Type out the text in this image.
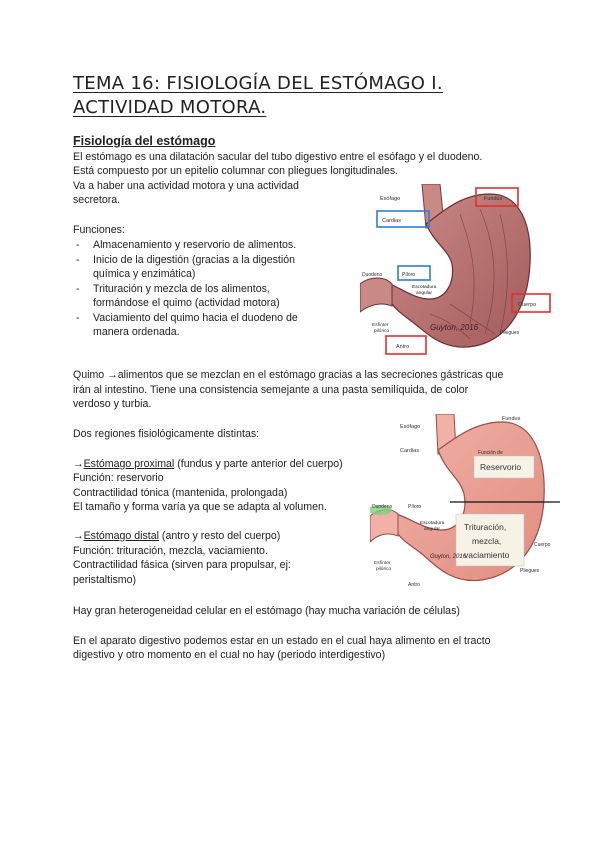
TEMA 16: FISIOLOGÍA DEL ESTÓMAGO I. ACTIVIDAD MOTORA.
Fisiología del estómago
El estómago es una dilatación sacular del tubo digestivo entre el esófago y el duodeno.
Está compuesto por un epitelio columnar con pliegues longitudinales.
Va a haber una actividad motora y una actividad
secretora.
Funciones:
- Almacenamiento y reservorio de alimentos.
- Inicio de la digestión (gracias a la digestión química y enzimática)
- Trituración y mezcla de los alimentos, formándose el quimo (actividad motora)
- Vaciamiento del quimo hacia el duodeno de manera ordenada.
Esófago
Cardias
Fundus
Duodeno	Píloro
Escotadura
angular
Esfínter
pilórico
Cuerpo
Antro
Pliegues
Guyton, 2016
Quimo →alimentos que se mezclan en el estómago gracias a las secreciones gástricas que
irán al intestino. Tiene una consistencia semejante a una pasta semilíquida, de color
verdoso y turbia.
Dos regiones fisiológicamente distintas:
→Estómago proximal (fundus y parte anterior del cuerpo)
Función: reservorio
Contractilidad tónica (mantenida, prolongada)
El tamaño y forma varía ya que se adapta al volumen.
→Estómago distal (antro y resto del cuerpo)
Función: trituración, mezcla, vaciamiento.
Contractilidad fásica (sirven para propulsar, ej:
peristaltismo)
Reservorio
Función de
Trituración,
mezcla,
vaciamiento
Esófago
Cardias
Fundus
Duodeno	Píloro
Escotadura
angular
Esfínter
pilórico
Antro
Cuerpo
Pliegues
Guyton, 2016
Hay gran heterogeneidad celular en el estómago (hay mucha variación de células)
En el aparato digestivo podemos estar en un estado en el cual haya alimento en el tracto
digestivo y otro momento en el cual no hay (periodo interdigestivo)
